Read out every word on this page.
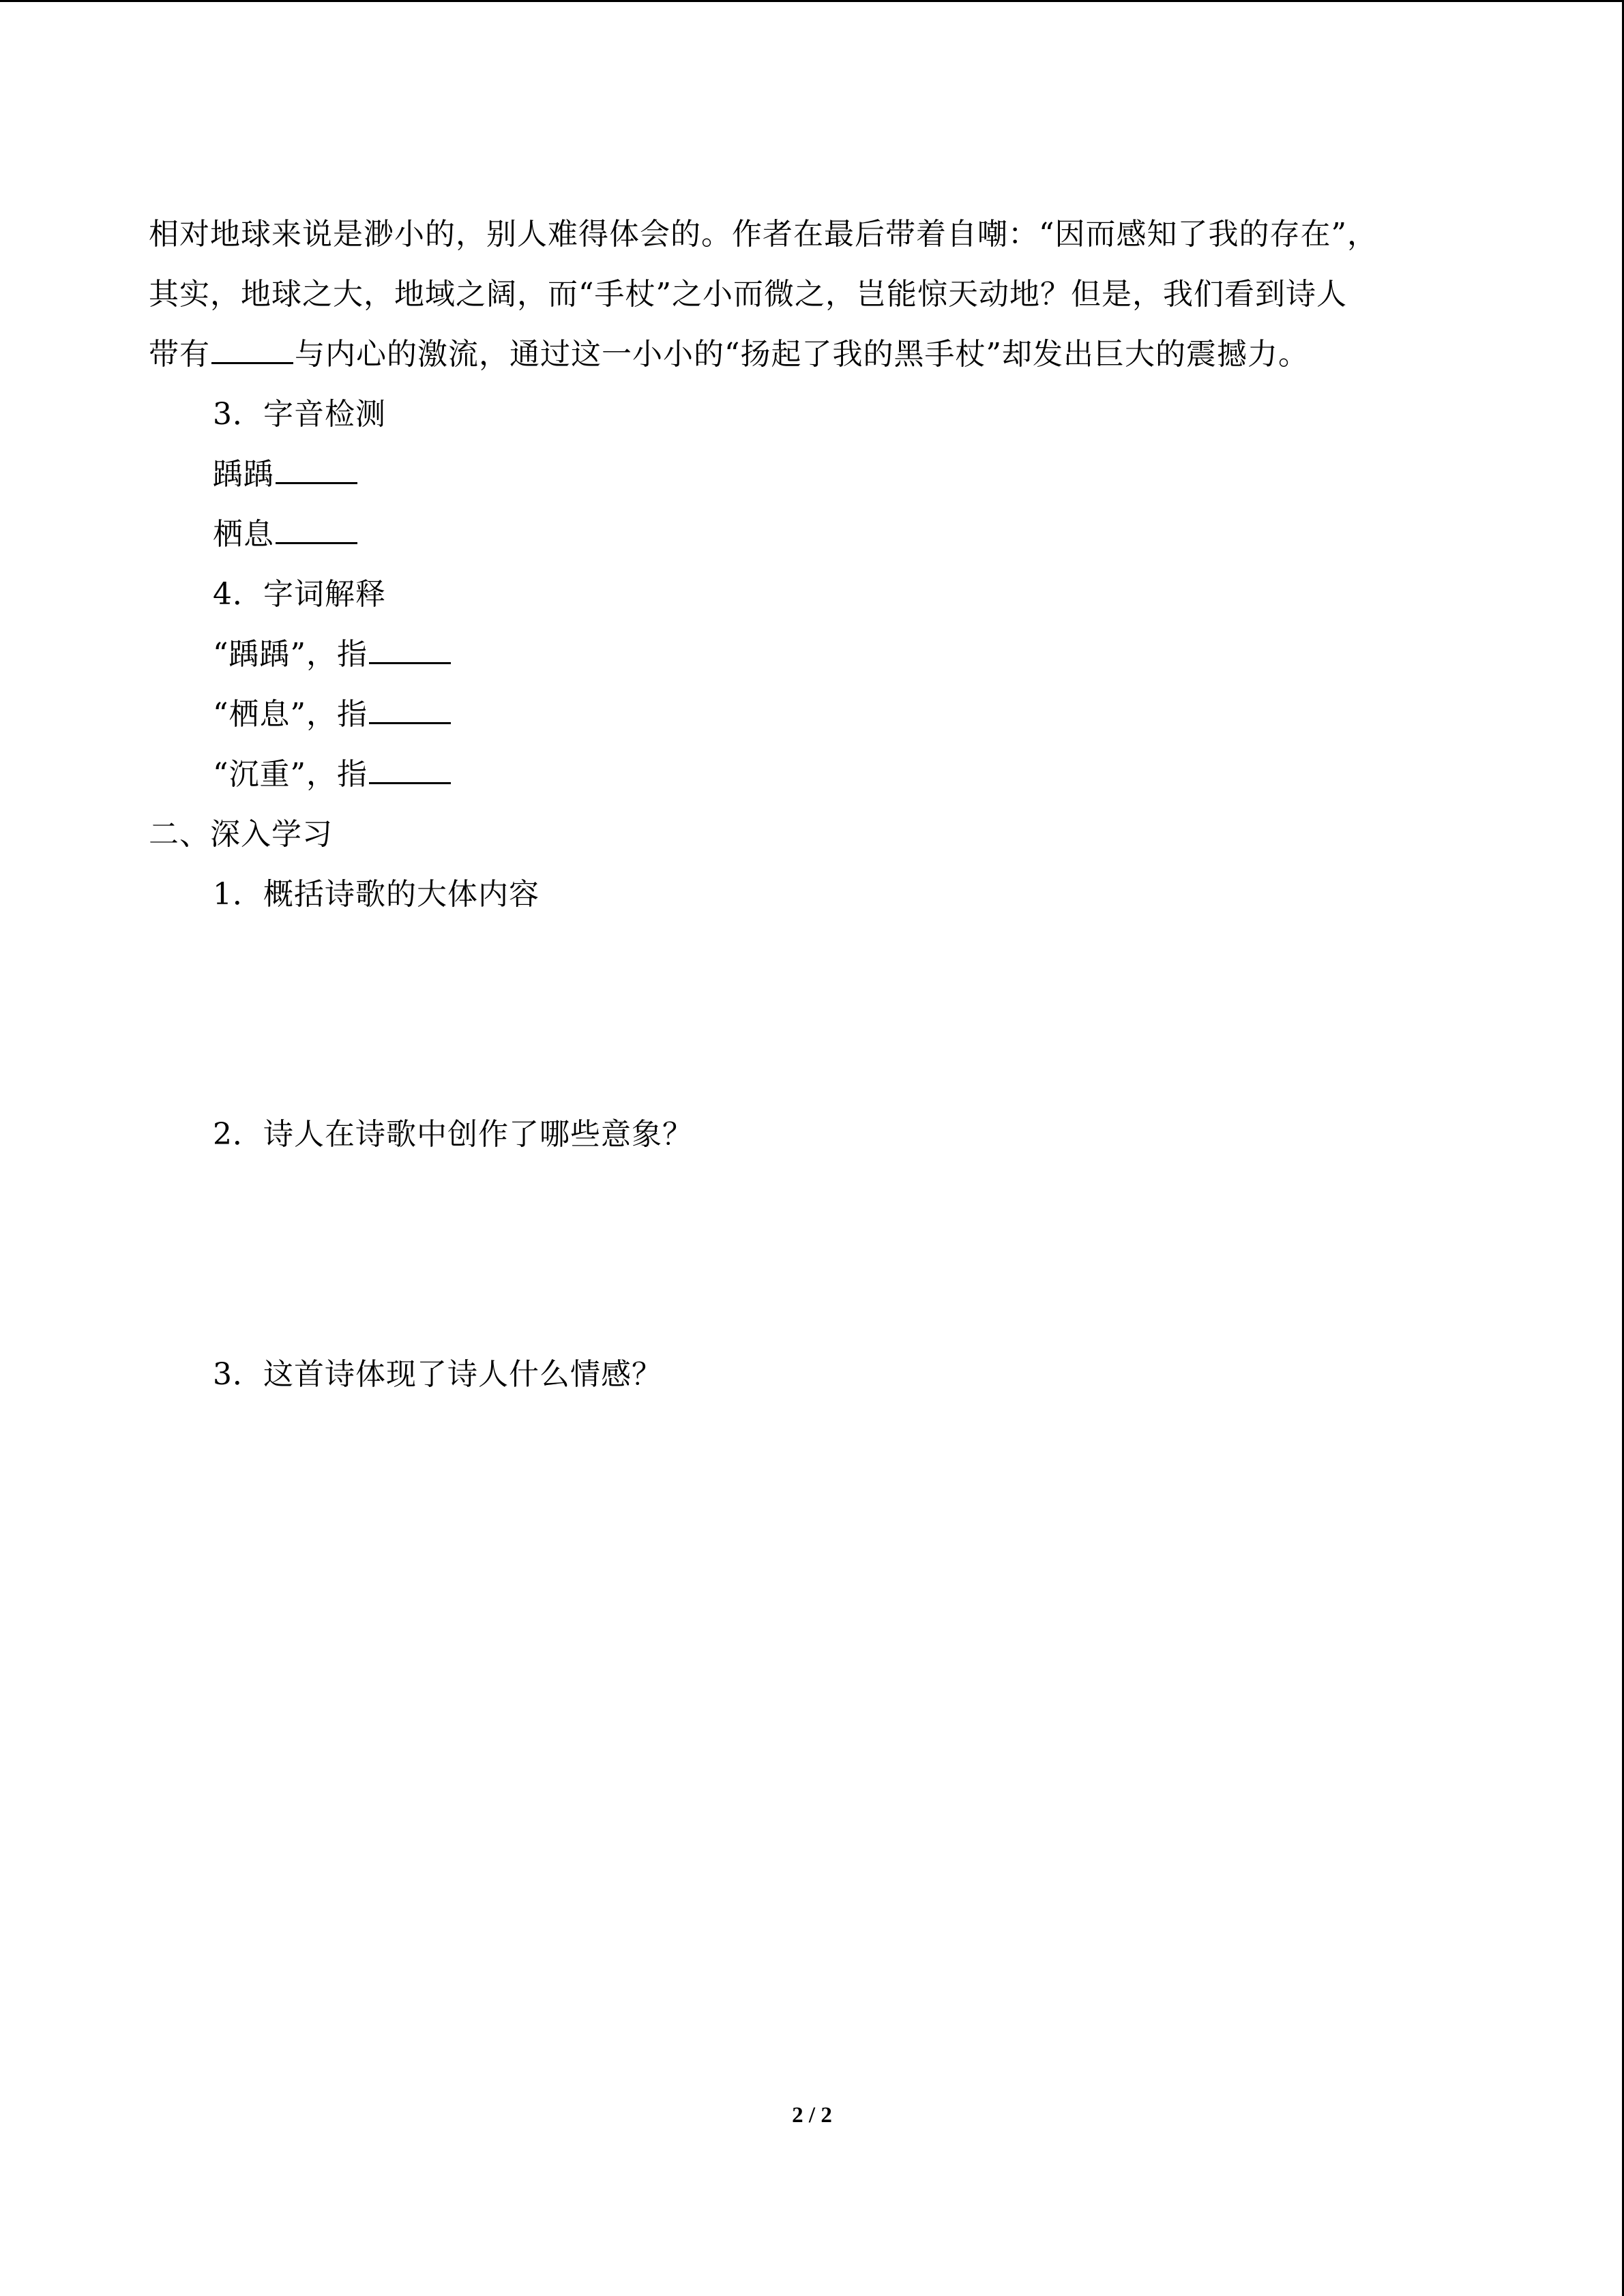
相对地球来说是渺小的，别人难得体会的。作者在最后带着自嘲：“因而感知了我的存在”，
其实，地球之大，地域之阔，而“手杖”之小而微之，岂能惊天动地？但是，我们看到诗人
带有	与内心的激流，通过这一小小的“扬起了我的黑手杖”却发出巨大的震撼力。
3．字音检测
踽踽
栖息
4．字词解释
“踽踽”，指
“栖息”，指
“沉重”，指
二、深入学习
1．概括诗歌的大体内容
2．诗人在诗歌中创作了哪些意象？
3．这首诗体现了诗人什么情感？
2 / 2
